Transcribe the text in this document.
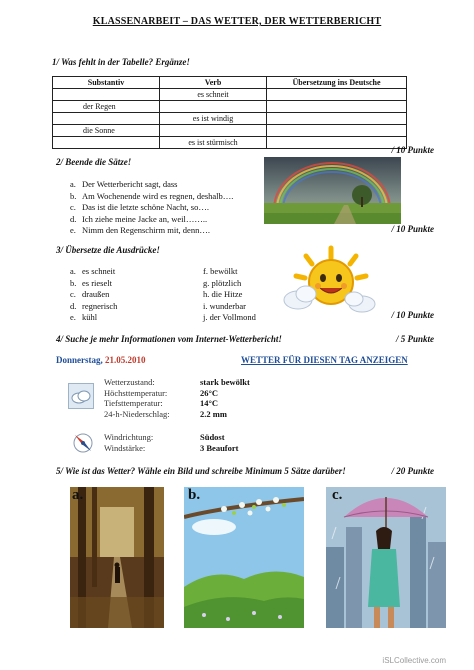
KLASSENARBEIT – DAS WETTER, DER WETTERBERICHT
1/ Was fehlt in der Tabelle? Ergänze!
Substantiv	Verb	Übersetzung ins Deutsche
	es schneit	
der Regen		
	es ist windig	
die Sonne		
	es ist stürmisch	
/ 10 Punkte
2/ Beende die Sätze!
a. Der Wetterbericht sagt, dass
b. Am Wochenende wird es regnen, deshalb….
c. Das ist die letzte schöne Nacht, so….
d. Ich ziehe meine Jacke an, weil……..
e. Nimm den Regenschirm mit, denn….	/ 10 Punkte
3/ Übersetze die Ausdrücke!
a. es schneit
b. es rieselt
c. draußen
d. regnerisch
e. kühl
f. bewölkt
g. plötzlich
h. die Hitze
i. wunderbar
j. der Vollmond	/ 10 Punkte
4/ Suche je mehr Informationen vom Internet-Wetterbericht!	/ 5 Punkte
Donnerstag, 21.05.2010	WETTER FÜR DIESEN TAG ANZEIGEN
Wetterzustand:	stark bewölkt
Höchsttemperatur:	26°C
Tiefsttemperatur:	14°C
24-h-Niederschlag:	2.2 mm
Windrichtung:	Südost
Windstärke:	3 Beaufort
5/ Wie ist das Wetter? Wähle ein Bild und schreibe Minimum 5 Sätze darüber!	/ 20 Punkte
a.	b.	c.
iSLCollective.com
